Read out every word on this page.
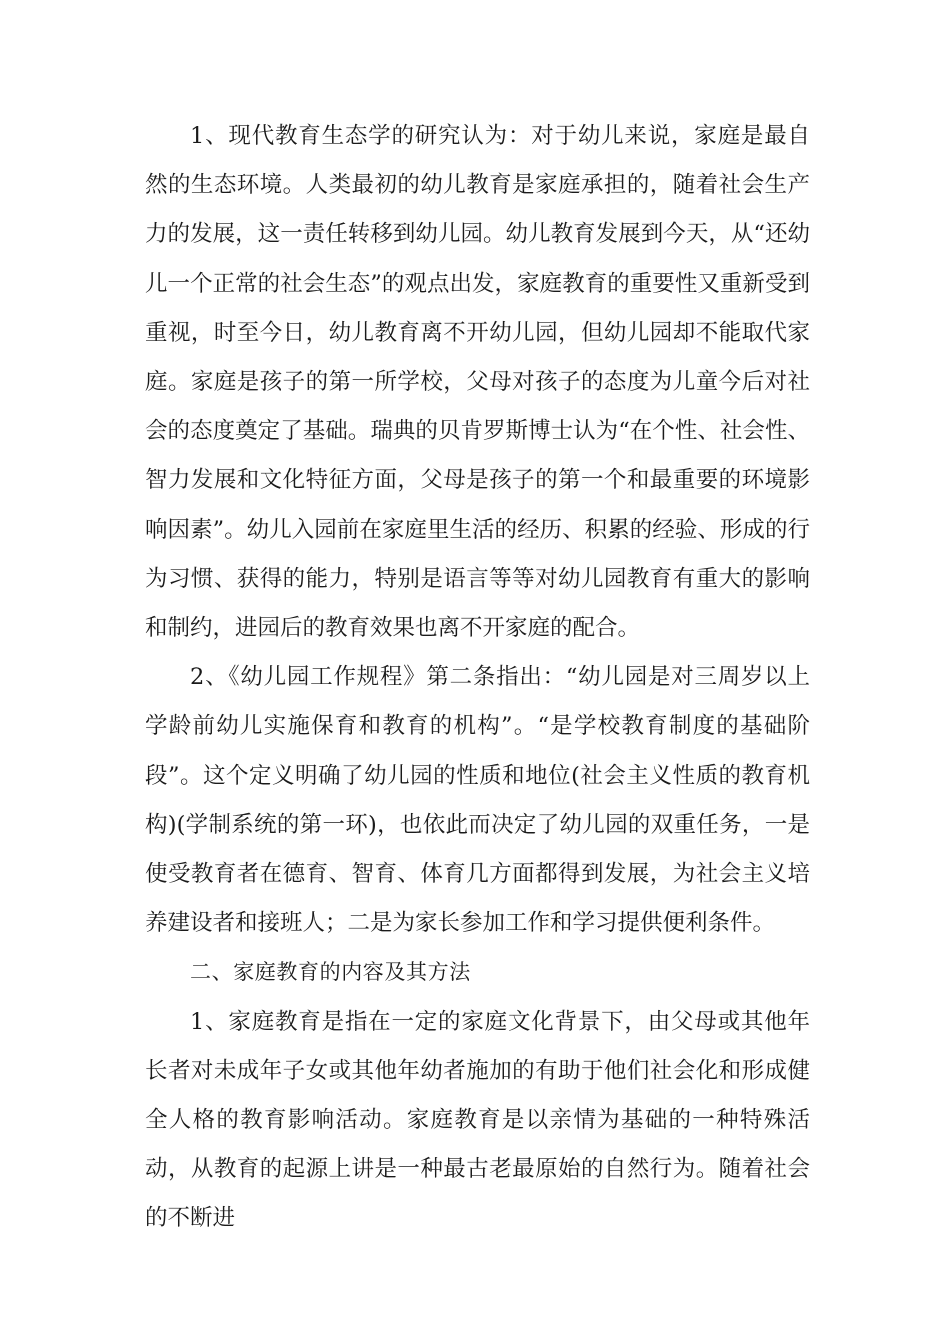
1、现代教育生态学的研究认为：对于幼儿来说，家庭是最自然的生态环境。人类最初的幼儿教育是家庭承担的，随着社会生产力的发展，这一责任转移到幼儿园。幼儿教育发展到今天，从“还幼儿一个正常的社会生态”的观点出发，家庭教育的重要性又重新受到重视，时至今日，幼儿教育离不开幼儿园，但幼儿园却不能取代家庭。家庭是孩子的第一所学校，父母对孩子的态度为儿童今后对社会的态度奠定了基础。瑞典的贝肯罗斯博士认为“在个性、社会性、智力发展和文化特征方面，父母是孩子的第一个和最重要的环境影响因素”。幼儿入园前在家庭里生活的经历、积累的经验、形成的行为习惯、获得的能力，特别是语言等等对幼儿园教育有重大的影响和制约，进园后的教育效果也离不开家庭的配合。

2、《幼儿园工作规程》第二条指出：“幼儿园是对三周岁以上学龄前幼儿实施保育和教育的机构”。“是学校教育制度的基础阶段”。这个定义明确了幼儿园的性质和地位(社会主义性质的教育机构)(学制系统的第一环)，也依此而决定了幼儿园的双重任务，一是使受教育者在德育、智育、体育几方面都得到发展，为社会主义培养建设者和接班人；二是为家长参加工作和学习提供便利条件。

二、家庭教育的内容及其方法

1、家庭教育是指在一定的家庭文化背景下，由父母或其他年长者对未成年子女或其他年幼者施加的有助于他们社会化和形成健全人格的教育影响活动。家庭教育是以亲情为基础的一种特殊活动，从教育的起源上讲是一种最古老最原始的自然行为。随着社会的不断进
